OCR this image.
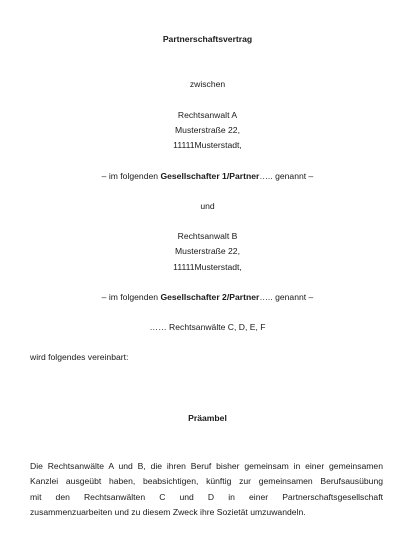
Partnerschaftsvertrag
zwischen
Rechtsanwalt A
Musterstraße 22,
11111Musterstadt,
– im folgenden Gesellschafter 1/Partner….. genannt –
und
Rechtsanwalt B
Musterstraße 22,
11111Musterstadt,
– im folgenden Gesellschafter 2/Partner….. genannt –
…… Rechtsanwälte C, D, E, F
wird folgendes vereinbart:
Präambel
Die Rechtsanwälte A und B, die ihren Beruf bisher gemeinsam in einer gemeinsamen
Kanzlei ausgeübt haben, beabsichtigen, künftig zur gemeinsamen Berufsausübung
mit den Rechtsanwälten C und D in einer Partnerschaftsgesellschaft
zusammenzuarbeiten und zu diesem Zweck ihre Sozietät umzuwandeln.
